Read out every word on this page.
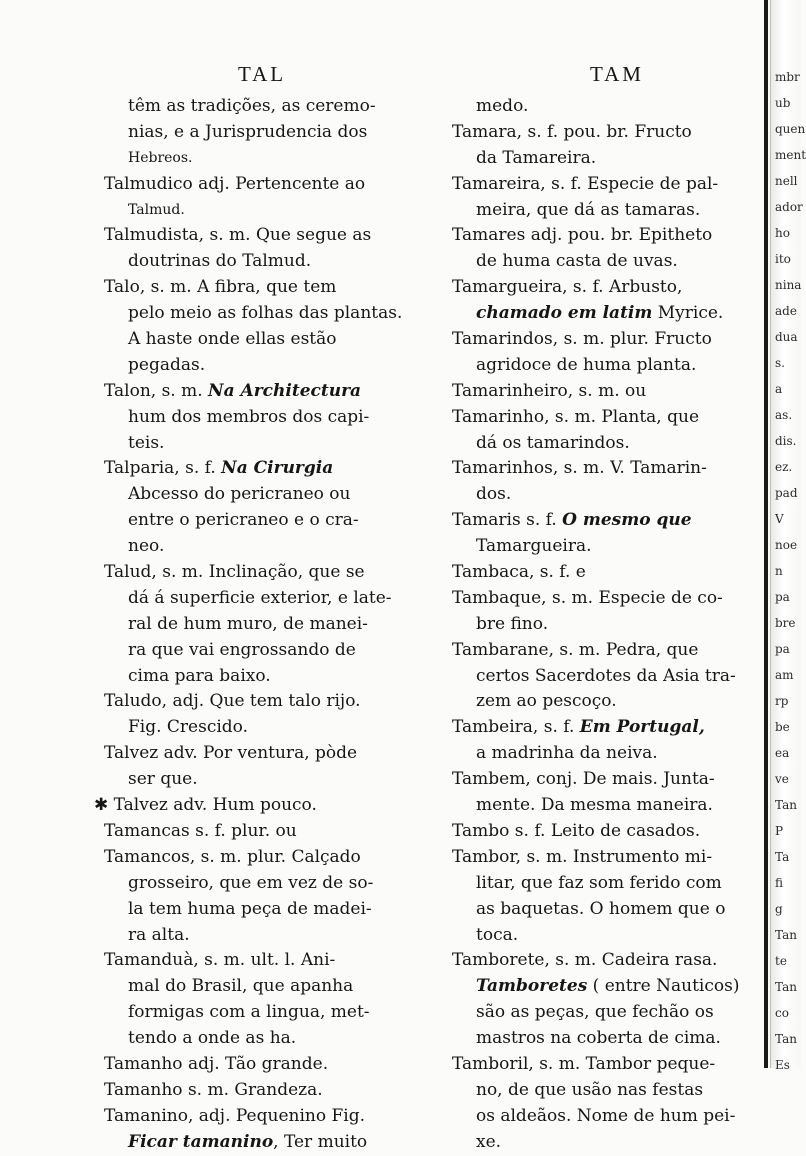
TAL	TAM
têm as tradições, as ceremo-
nias, e a Jurisprudencia dos
Hebreos.
Talmudico adj. Pertencente ao
Talmud.
Talmudista, s. m. Que segue as
doutrinas do Talmud.
Talo, s. m. A fibra, que tem
pelo meio as folhas das plantas.
A haste onde ellas estão
pegadas.
Talon, s. m. Na Architectura
hum dos membros dos capi-
teis.
Talparia, s. f. Na Cirurgia
Abcesso do pericraneo ou
entre o pericraneo e o cra-
neo.
Talud, s. m. Inclinação, que se
dá á superficie exterior, e late-
ral de hum muro, de manei-
ra que vai engrossando de
cima para baixo.
Taludo, adj. Que tem talo rijo.
Fig. Crescido.
Talvez adv. Por ventura, pòde
ser que.
✱ Talvez adv. Hum pouco.
Tamancas s. f. plur. ou
Tamancos, s. m. plur. Calçado
grosseiro, que em vez de so-
la tem huma peça de madei-
ra alta.
Tamanduà, s. m. ult. l. Ani-
mal do Brasil, que apanha
formigas com a lingua, met-
tendo a onde as ha.
Tamanho adj. Tão grande.
Tamanho s. m. Grandeza.
Tamanino, adj. Pequenino Fig.
Ficar tamanino, Ter muito
medo.
Tamara, s. f. pou. br. Fructo
da Tamareira.
Tamareira, s. f. Especie de pal-
meira, que dá as tamaras.
Tamares adj. pou. br. Epitheto
de huma casta de uvas.
Tamargueira, s. f. Arbusto,
chamado em latim Myrice.
Tamarindos, s. m. plur. Fructo
agridoce de huma planta.
Tamarinheiro, s. m. ou
Tamarinho, s. m. Planta, que
dá os tamarindos.
Tamarinhos, s. m. V. Tamarin-
dos.
Tamaris s. f. O mesmo que
Tamargueira.
Tambaca, s. f. e
Tambaque, s. m. Especie de co-
bre fino.
Tambarane, s. m. Pedra, que
certos Sacerdotes da Asia tra-
zem ao pescoço.
Tambeira, s. f. Em Portugal,
a madrinha da neiva.
Tambem, conj. De mais. Junta-
mente. Da mesma maneira.
Tambo s. f. Leito de casados.
Tambor, s. m. Instrumento mi-
litar, que faz som ferido com
as baquetas. O homem que o
toca.
Tamborete, s. m. Cadeira rasa.
Tamboretes ( entre Nauticos)
são as peças, que fechão os
mastros na coberta de cima.
Tamboril, s. m. Tambor peque-
no, de que usão nas festas
os aldeãos. Nome de hum pei-
xe.
mbr
ub
quen
ment
nell
ador
ho
ito
nina
ade
dua
s.
a
as.
dis.
ez.
pad
V
noe
n
pa
bre
pa
am
rp
be
ea
ve
Tan
P
Ta
fi
g
Tan
te
Tan
co
Tan
Es
